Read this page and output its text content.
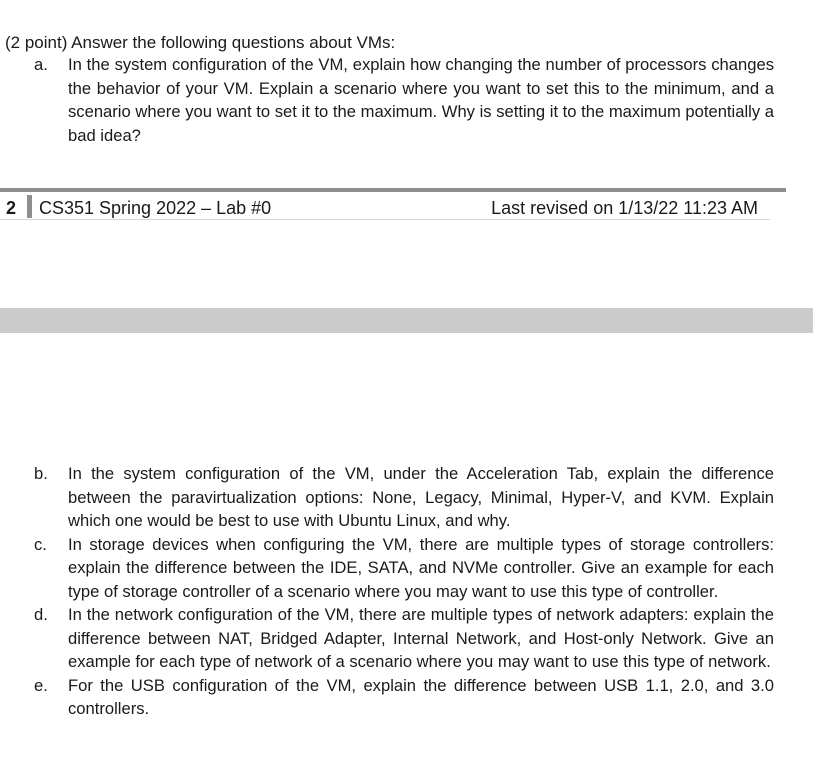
(2 point) Answer the following questions about VMs:
a.	In the system configuration of the VM, explain how changing the number of processors changes the behavior of your VM. Explain a scenario where you want to set this to the minimum, and a scenario where you want to set it to the maximum. Why is setting it to the maximum potentially a bad idea?
2 CS351 Spring 2022 – Lab #0	Last revised on 1/13/22 11:23 AM
b.	In the system configuration of the VM, under the Acceleration Tab, explain the difference between the paravirtualization options: None, Legacy, Minimal, Hyper-V, and KVM. Explain which one would be best to use with Ubuntu Linux, and why.
c.	In storage devices when configuring the VM, there are multiple types of storage controllers: explain the difference between the IDE, SATA, and NVMe controller. Give an example for each type of storage controller of a scenario where you may want to use this type of controller.
d.	In the network configuration of the VM, there are multiple types of network adapters: explain the difference between NAT, Bridged Adapter, Internal Network, and Host-only Network. Give an example for each type of network of a scenario where you may want to use this type of network.
e.	For the USB configuration of the VM, explain the difference between USB 1.1, 2.0, and 3.0 controllers.
